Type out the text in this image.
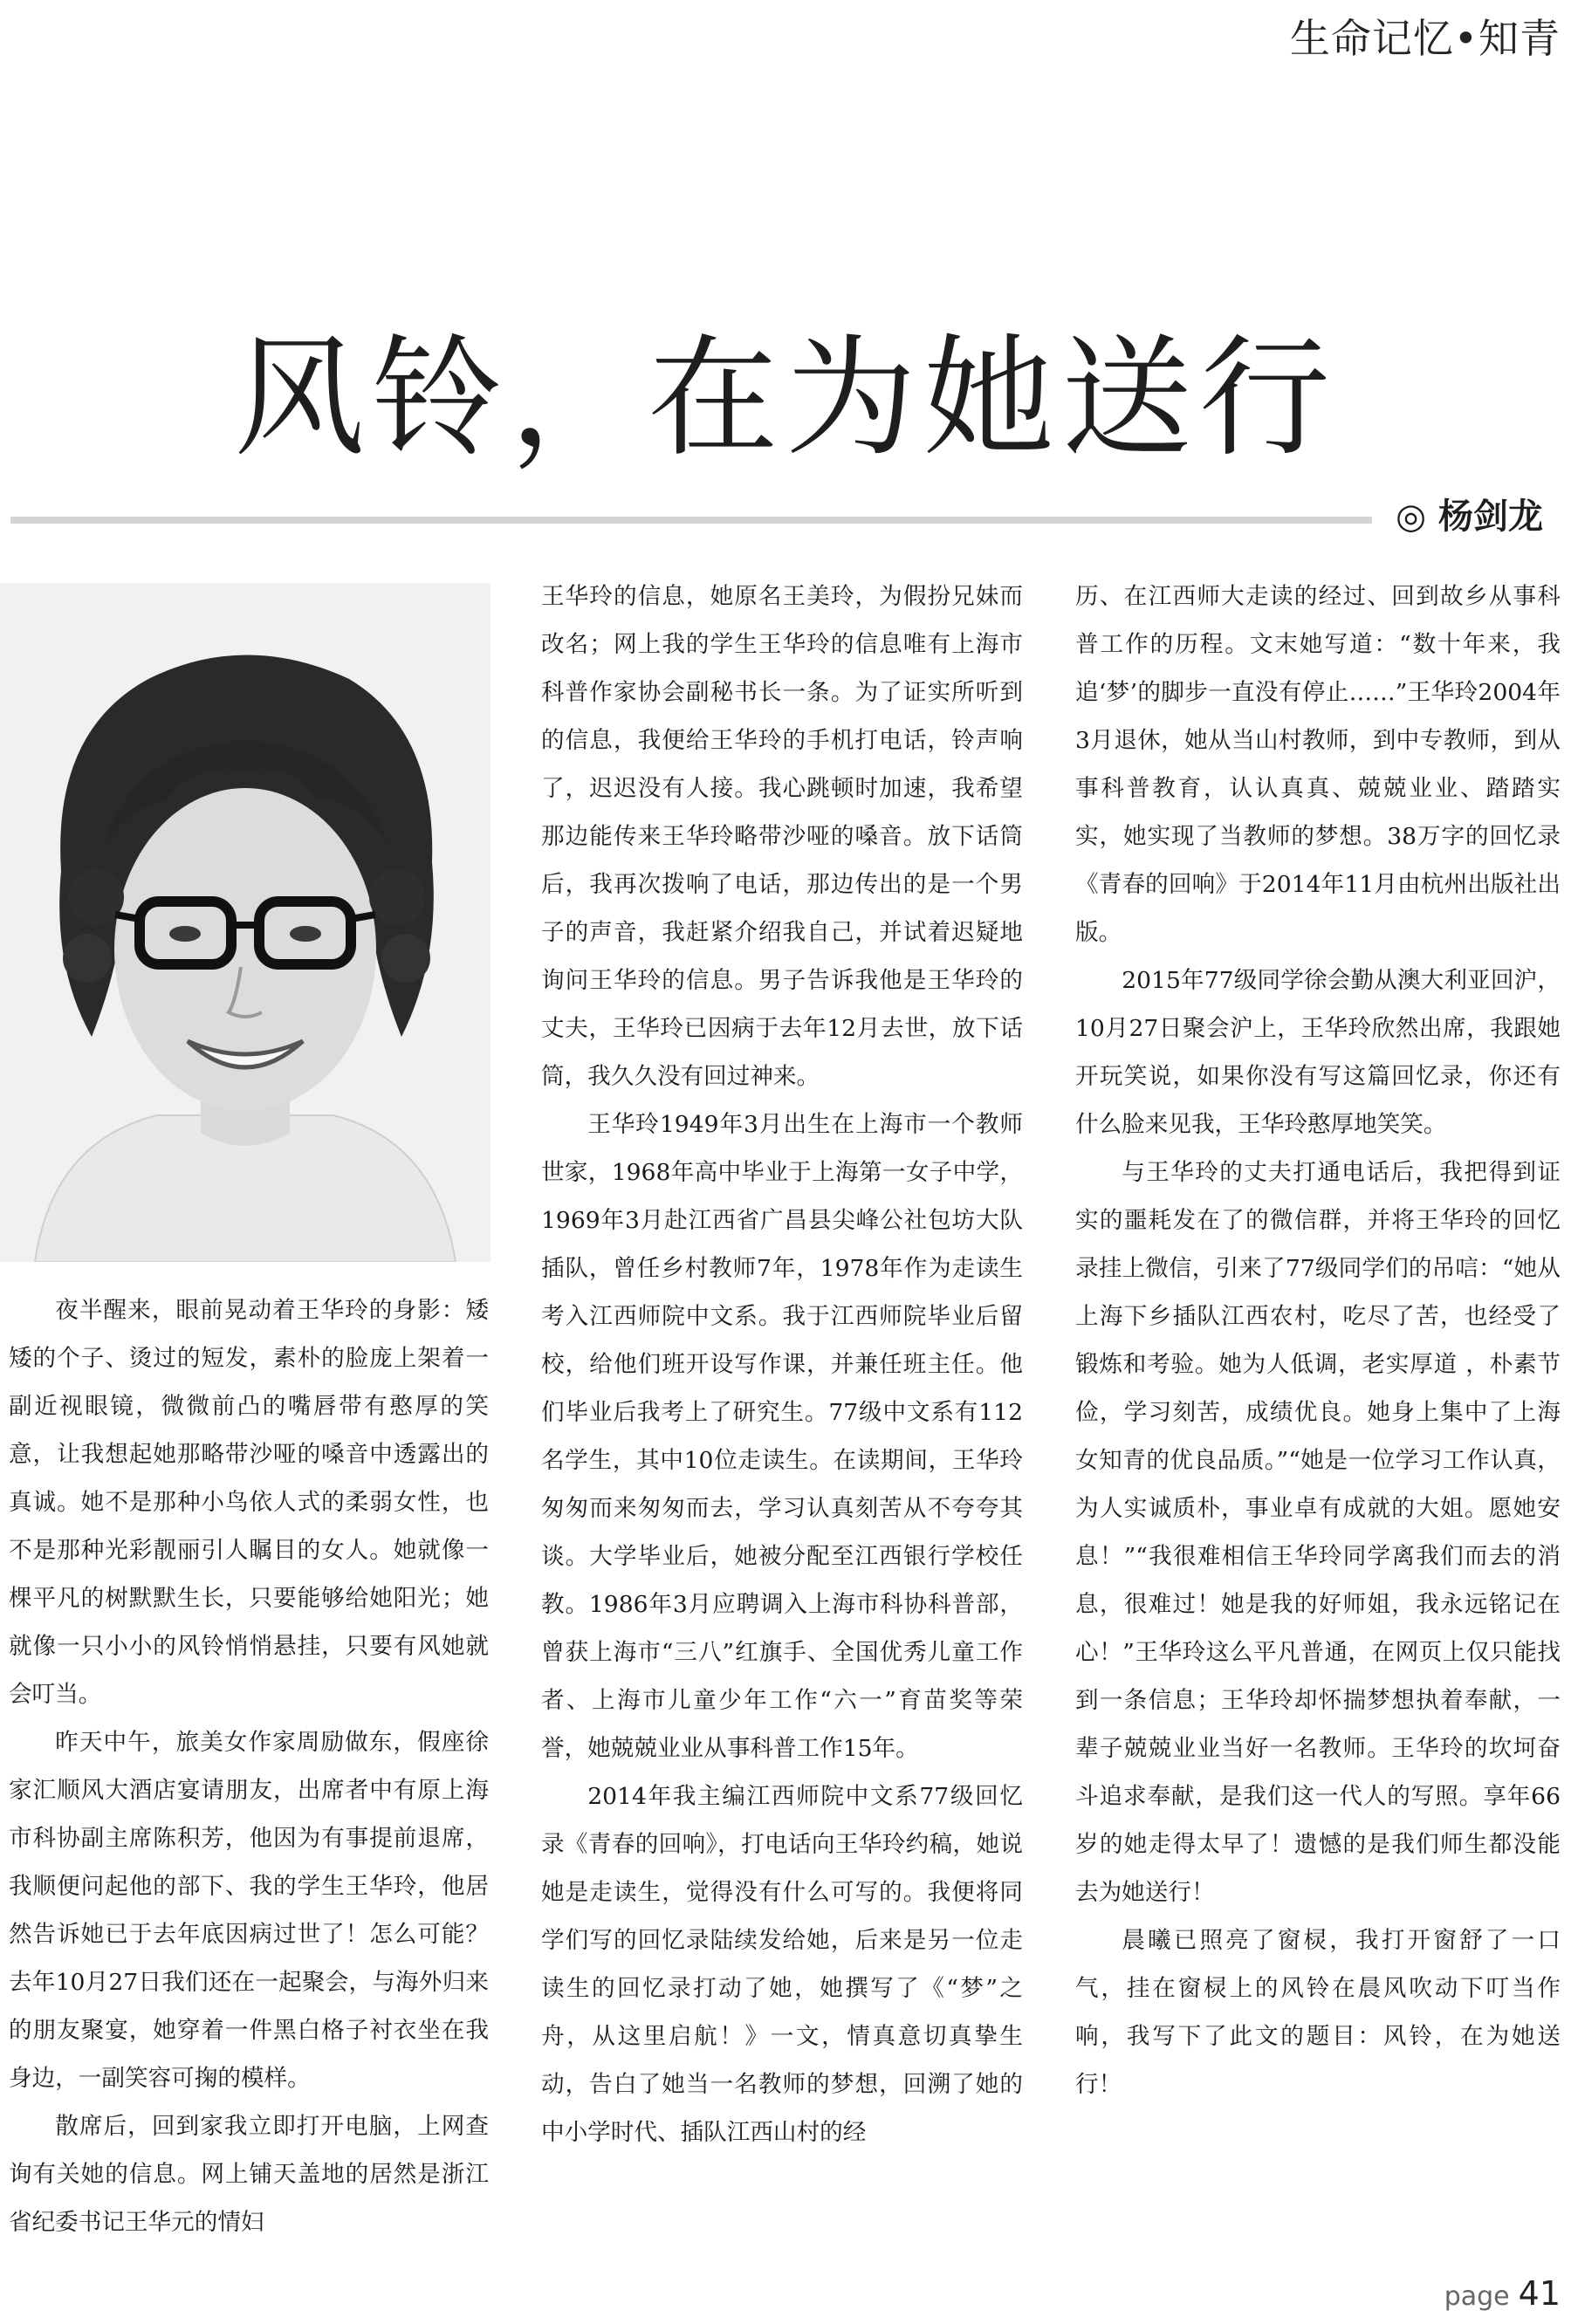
生命记忆•知青
风铃，在为她送行
◎ 杨剑龙

夜半醒来，眼前晃动着王华玲的身影：矮矮的个子、烫过的短发，素朴的脸庞上架着一副近视眼镜，微微前凸的嘴唇带有憨厚的笑意，让我想起她那略带沙哑的嗓音中透露出的真诚。她不是那种小鸟依人式的柔弱女性，也不是那种光彩靓丽引人瞩目的女人。她就像一棵平凡的树默默生长，只要能够给她阳光；她就像一只小小的风铃悄悄悬挂，只要有风她就会叮当。

昨天中午，旅美女作家周励做东，假座徐家汇顺风大酒店宴请朋友，出席者中有原上海市科协副主席陈积芳，他因为有事提前退席，我顺便问起他的部下、我的学生王华玲，他居然告诉她已于去年底因病过世了！怎么可能？去年10月27日我们还在一起聚会，与海外归来的朋友聚宴，她穿着一件黑白格子衬衣坐在我身边，一副笑容可掬的模样。

散席后，回到家我立即打开电脑，上网查询有关她的信息。网上铺天盖地的居然是浙江省纪委书记王华元的情妇

王华玲的信息，她原名王美玲，为假扮兄妹而改名；网上我的学生王华玲的信息唯有上海市科普作家协会副秘书长一条。为了证实所听到的信息，我便给王华玲的手机打电话，铃声响了，迟迟没有人接。我心跳顿时加速，我希望那边能传来王华玲略带沙哑的嗓音。放下话筒后，我再次拨响了电话，那边传出的是一个男子的声音，我赶紧介绍我自己，并试着迟疑地询问王华玲的信息。男子告诉我他是王华玲的丈夫，王华玲已因病于去年12月去世，放下话筒，我久久没有回过神来。

王华玲1949年3月出生在上海市一个教师世家，1968年高中毕业于上海第一女子中学，1969年3月赴江西省广昌县尖峰公社包坊大队插队，曾任乡村教师7年，1978年作为走读生考入江西师院中文系。我于江西师院毕业后留校，给他们班开设写作课，并兼任班主任。他们毕业后我考上了研究生。77级中文系有112名学生，其中10位走读生。在读期间，王华玲匆匆而来匆匆而去，学习认真刻苦从不夸夸其谈。大学毕业后，她被分配至江西银行学校任教。1986年3月应聘调入上海市科协科普部，曾获上海市“三八”红旗手、全国优秀儿童工作者、上海市儿童少年工作“六一”育苗奖等荣誉，她兢兢业业从事科普工作15年。

2014年我主编江西师院中文系77级回忆录《青春的回响》，打电话向王华玲约稿，她说她是走读生，觉得没有什么可写的。我便将同学们写的回忆录陆续发给她，后来是另一位走读生的回忆录打动了她，她撰写了《“梦”之舟，从这里启航！》一文，情真意切真挚生动，告白了她当一名教师的梦想，回溯了她的中小学时代、插队江西山村的经

历、在江西师大走读的经过、回到故乡从事科普工作的历程。文末她写道：“数十年来，我追‘梦’的脚步一直没有停止……”王华玲2004年3月退休，她从当山村教师，到中专教师，到从事科普教育，认认真真、兢兢业业、踏踏实实，她实现了当教师的梦想。38万字的回忆录《青春的回响》于2014年11月由杭州出版社出版。

2015年77级同学徐会勤从澳大利亚回沪，10月27日聚会沪上，王华玲欣然出席，我跟她开玩笑说，如果你没有写这篇回忆录，你还有什么脸来见我，王华玲憨厚地笑笑。

与王华玲的丈夫打通电话后，我把得到证实的噩耗发在了的微信群，并将王华玲的回忆录挂上微信，引来了77级同学们的吊唁：“她从上海下乡插队江西农村，吃尽了苦，也经受了锻炼和考验。她为人低调，老实厚道 ，朴素节俭，学习刻苦，成绩优良。她身上集中了上海女知青的优良品质。”“她是一位学习工作认真，为人实诚质朴，事业卓有成就的大姐。愿她安息！”“我很难相信王华玲同学离我们而去的消息，很难过！她是我的好师姐，我永远铭记在心！”王华玲这么平凡普通，在网页上仅只能找到一条信息；王华玲却怀揣梦想执着奉献，一辈子兢兢业业当好一名教师。王华玲的坎坷奋斗追求奉献，是我们这一代人的写照。享年66岁的她走得太早了！遗憾的是我们师生都没能去为她送行！

晨曦已照亮了窗棂，我打开窗舒了一口气，挂在窗棂上的风铃在晨风吹动下叮当作响，我写下了此文的题目：风铃，在为她送行！

page 41
